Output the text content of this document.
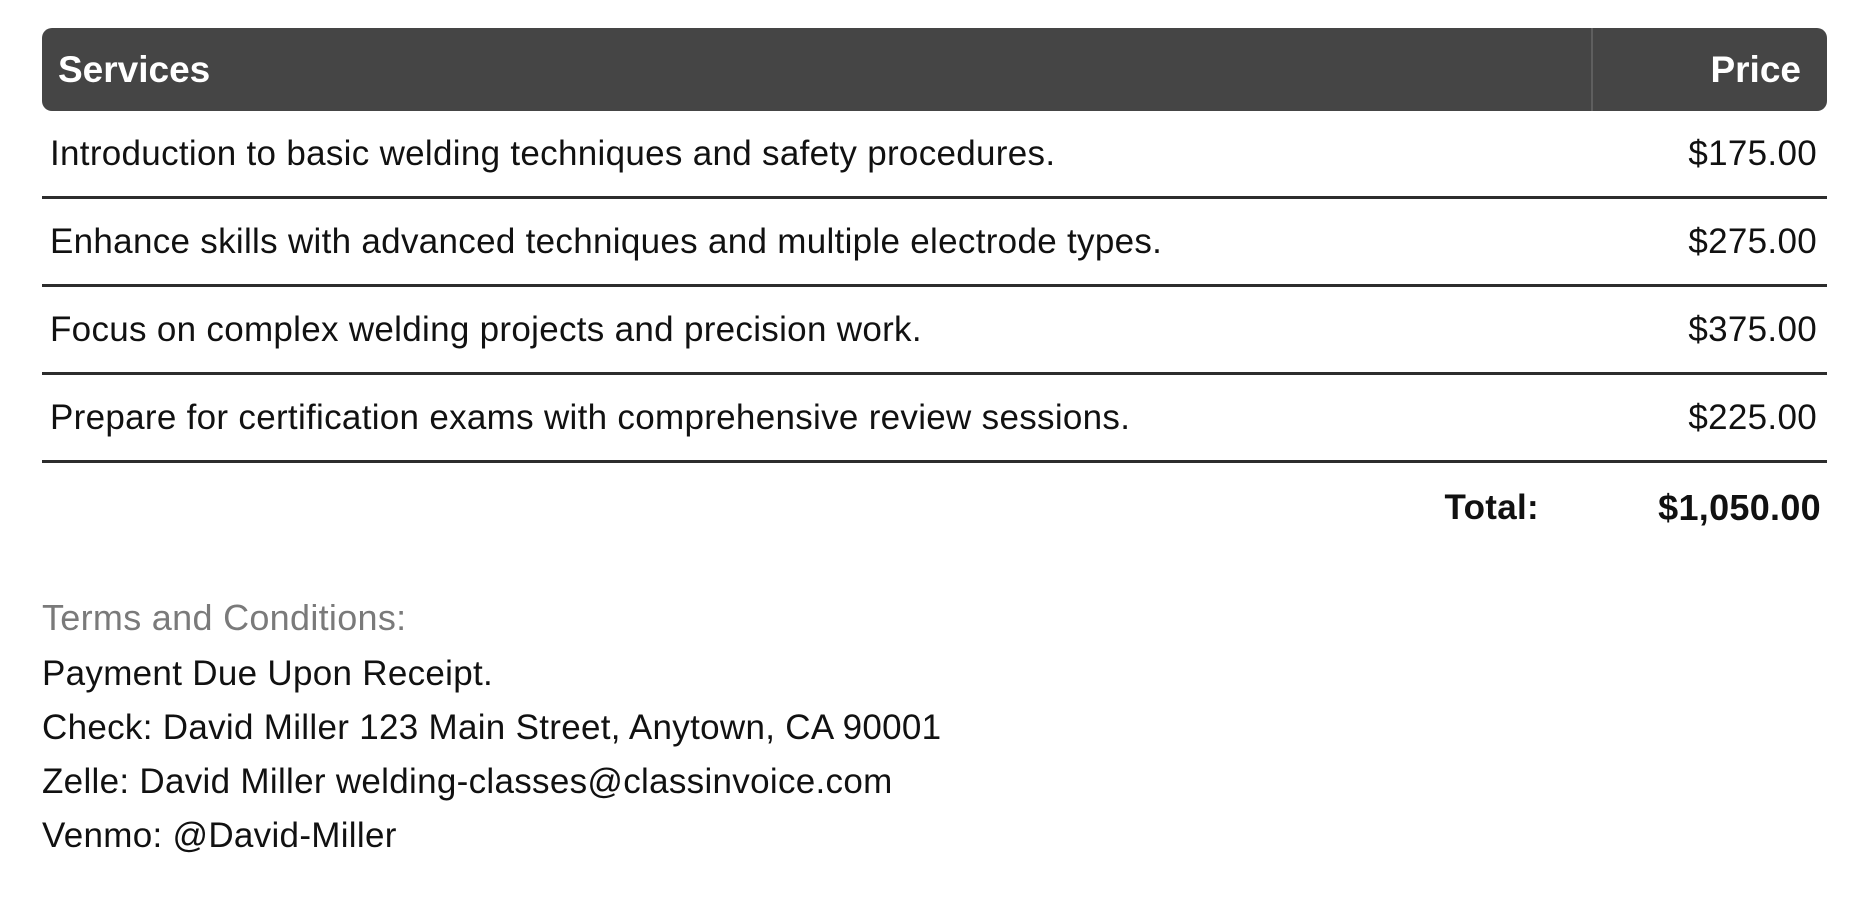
Services	Price
Introduction to basic welding techniques and safety procedures.	$175.00
Enhance skills with advanced techniques and multiple electrode types.	$275.00
Focus on complex welding projects and precision work.	$375.00
Prepare for certification exams with comprehensive review sessions.	$225.00
Total:	$1,050.00
Terms and Conditions:

Payment Due Upon Receipt.

Check: David Miller 123 Main Street, Anytown, CA 90001

Zelle: David Miller welding-classes@classinvoice.com

Venmo: @David-Miller
